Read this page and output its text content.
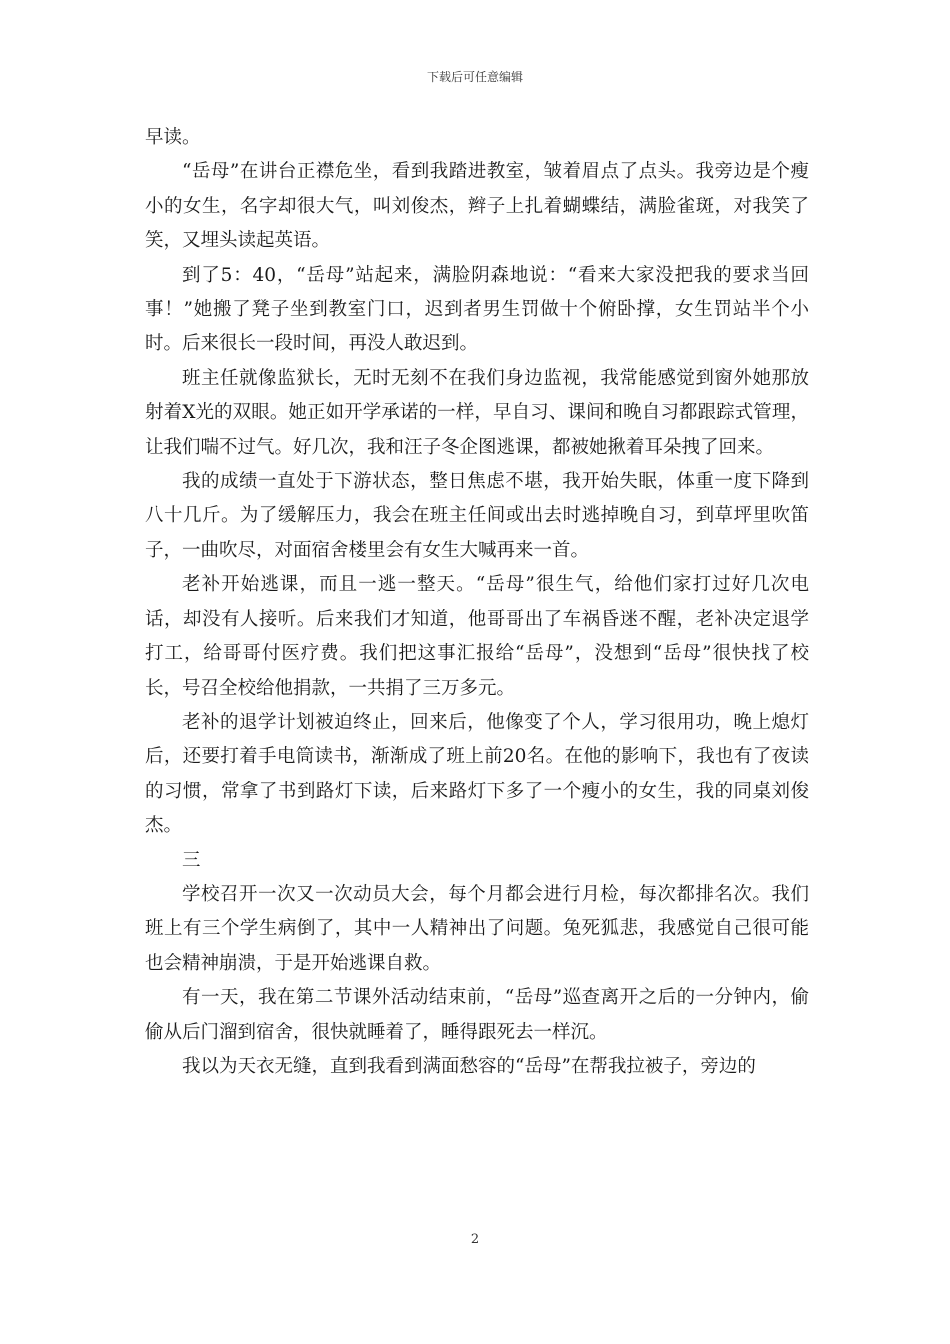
下载后可任意编辑

早读。

“岳母”在讲台正襟危坐，看到我踏进教室，皱着眉点了点头。我旁边是个瘦小的女生，名字却很大气，叫刘俊杰，辫子上扎着蝴蝶结，满脸雀斑，对我笑了笑，又埋头读起英语。

到了5：40，“岳母”站起来，满脸阴森地说：“看来大家没把我的要求当回事！”她搬了凳子坐到教室门口，迟到者男生罚做十个俯卧撑，女生罚站半个小时。后来很长一段时间，再没人敢迟到。

班主任就像监狱长，无时无刻不在我们身边监视，我常能感觉到窗外她那放射着X光的双眼。她正如开学承诺的一样，早自习、课间和晚自习都跟踪式管理，让我们喘不过气。好几次，我和汪子冬企图逃课，都被她揪着耳朵拽了回来。

我的成绩一直处于下游状态，整日焦虑不堪，我开始失眠，体重一度下降到八十几斤。为了缓解压力，我会在班主任间或出去时逃掉晚自习，到草坪里吹笛子，一曲吹尽，对面宿舍楼里会有女生大喊再来一首。

老补开始逃课，而且一逃一整天。“岳母”很生气，给他们家打过好几次电话，却没有人接听。后来我们才知道，他哥哥出了车祸昏迷不醒，老补决定退学打工，给哥哥付医疗费。我们把这事汇报给“岳母”，没想到“岳母”很快找了校长，号召全校给他捐款，一共捐了三万多元。

老补的退学计划被迫终止，回来后，他像变了个人，学习很用功，晚上熄灯后，还要打着手电筒读书，渐渐成了班上前20名。在他的影响下，我也有了夜读的习惯，常拿了书到路灯下读，后来路灯下多了一个瘦小的女生，我的同桌刘俊杰。

三

学校召开一次又一次动员大会，每个月都会进行月检，每次都排名次。我们班上有三个学生病倒了，其中一人精神出了问题。兔死狐悲，我感觉自己很可能也会精神崩溃，于是开始逃课自救。

有一天，我在第二节课外活动结束前，“岳母”巡查离开之后的一分钟内，偷偷从后门溜到宿舍，很快就睡着了，睡得跟死去一样沉。

我以为天衣无缝，直到我看到满面愁容的“岳母”在帮我拉被子，旁边的

2
